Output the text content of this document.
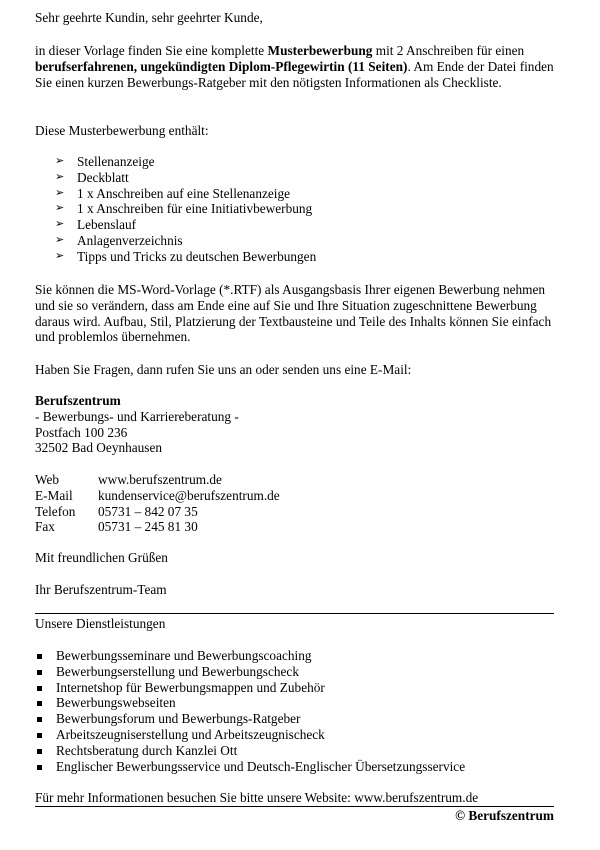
Sehr geehrte Kundin, sehr geehrter Kunde,

in dieser Vorlage finden Sie eine komplette Musterbewerbung mit 2 Anschreiben für einen berufserfahrenen, ungekündigten Diplom-Pflegewirtin (11 Seiten). Am Ende der Datei finden Sie einen kurzen Bewerbungs-Ratgeber mit den nötigsten Informationen als Checkliste.

Diese Musterbewerbung enthält:

➢ Stellenanzeige
➢ Deckblatt
➢ 1 x Anschreiben auf eine Stellenanzeige
➢ 1 x Anschreiben für eine Initiativbewerbung
➢ Lebenslauf
➢ Anlagenverzeichnis
➢ Tipps und Tricks zu deutschen Bewerbungen

Sie können die MS-Word-Vorlage (*.RTF) als Ausgangsbasis Ihrer eigenen Bewerbung nehmen und sie so verändern, dass am Ende eine auf Sie und Ihre Situation zugeschnittene Bewerbung daraus wird. Aufbau, Stil, Platzierung der Textbausteine und Teile des Inhalts können Sie einfach und problemlos übernehmen.

Haben Sie Fragen, dann rufen Sie uns an oder senden uns eine E-Mail:

Berufszentrum

- Bewerbungs- und Karriereberatung -

Postfach 100 236

32502 Bad Oeynhausen

Web	www.berufszentrum.de
E-Mail	kundenservice@berufszentrum.de
Telefon	05731 – 842 07 35
Fax	05731 – 245 81 30

Mit freundlichen Grüßen

Ihr Berufszentrum-Team

Unsere Dienstleistungen

Bewerbungsseminare und Bewerbungscoaching
Bewerbungserstellung und Bewerbungscheck
Internetshop für Bewerbungsmappen und Zubehör
Bewerbungswebseiten
Bewerbungsforum und Bewerbungs-Ratgeber
Arbeitszeugniserstellung und Arbeitszeugnischeck
Rechtsberatung durch Kanzlei Ott
Englischer Bewerbungsservice und Deutsch-Englischer Übersetzungsservice

Für mehr Informationen besuchen Sie bitte unsere Website: www.berufszentrum.de

© Berufszentrum
